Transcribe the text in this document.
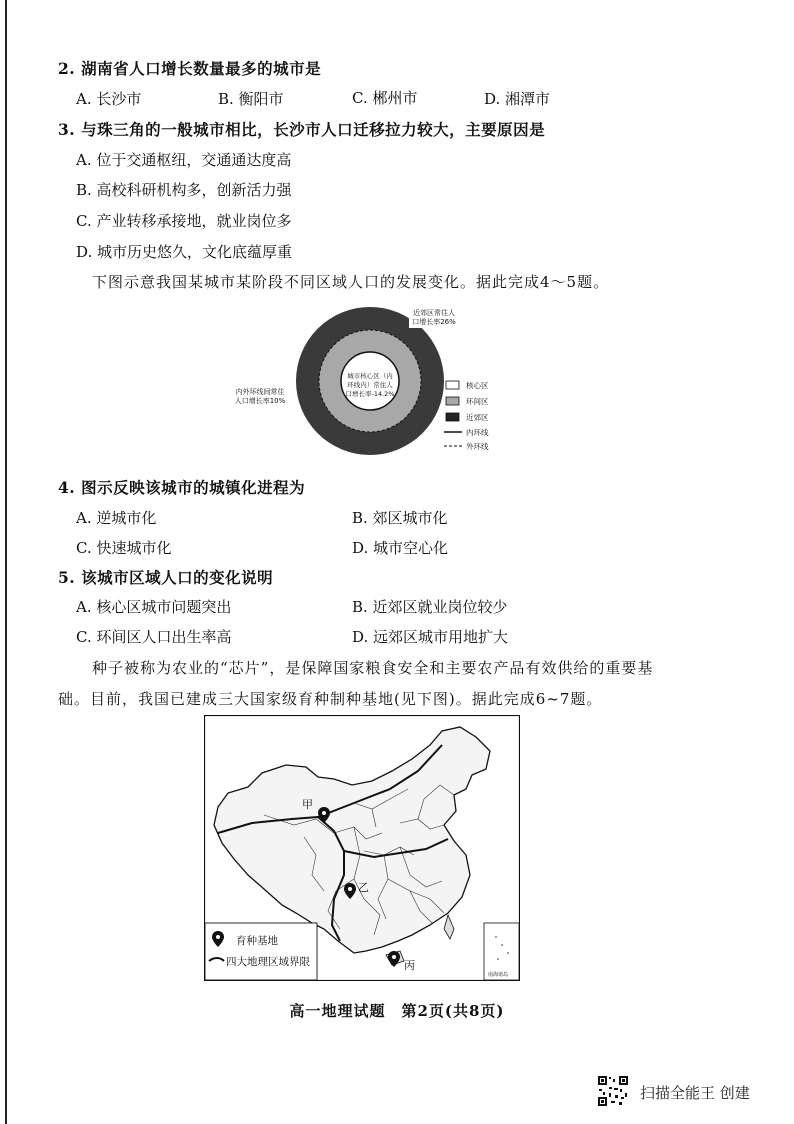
2. 湖南省人口增长数量最多的城市是
A. 长沙市	B. 衡阳市	C. 郴州市	D. 湘潭市
3. 与珠三角的一般城市相比，长沙市人口迁移拉力较大，主要原因是
A. 位于交通枢纽，交通通达度高
B. 高校科研机构多，创新活力强
C. 产业转移承接地，就业岗位多
D. 城市历史悠久，文化底蕴厚重
下图示意我国某城市某阶段不同区域人口的发展变化。据此完成4～5题。
近郊区常住人
口增长率26%
内外环线间常住
人口增长率10%
城市核心区（内
环线内）常住人
口增长率-14.2%
核心区
环间区
近郊区
内环线
外环线
4. 图示反映该城市的城镇化进程为
A. 逆城市化	B. 郊区城市化
C. 快速城市化	D. 城市空心化
5. 该城市区域人口的变化说明
A. 核心区城市问题突出	B. 近郊区就业岗位较少
C. 环间区人口出生率高	D. 远郊区城市用地扩大
种子被称为农业的“芯片”，是保障国家粮食安全和主要农产品有效供给的重要基
础。目前，我国已建成三大国家级育种制种基地(见下图)。据此完成6~7题。
甲
乙
丙
南海诸岛
育种基地
四大地理区域界限
高一地理试题　第2页(共8页)
扫描全能王 创建
